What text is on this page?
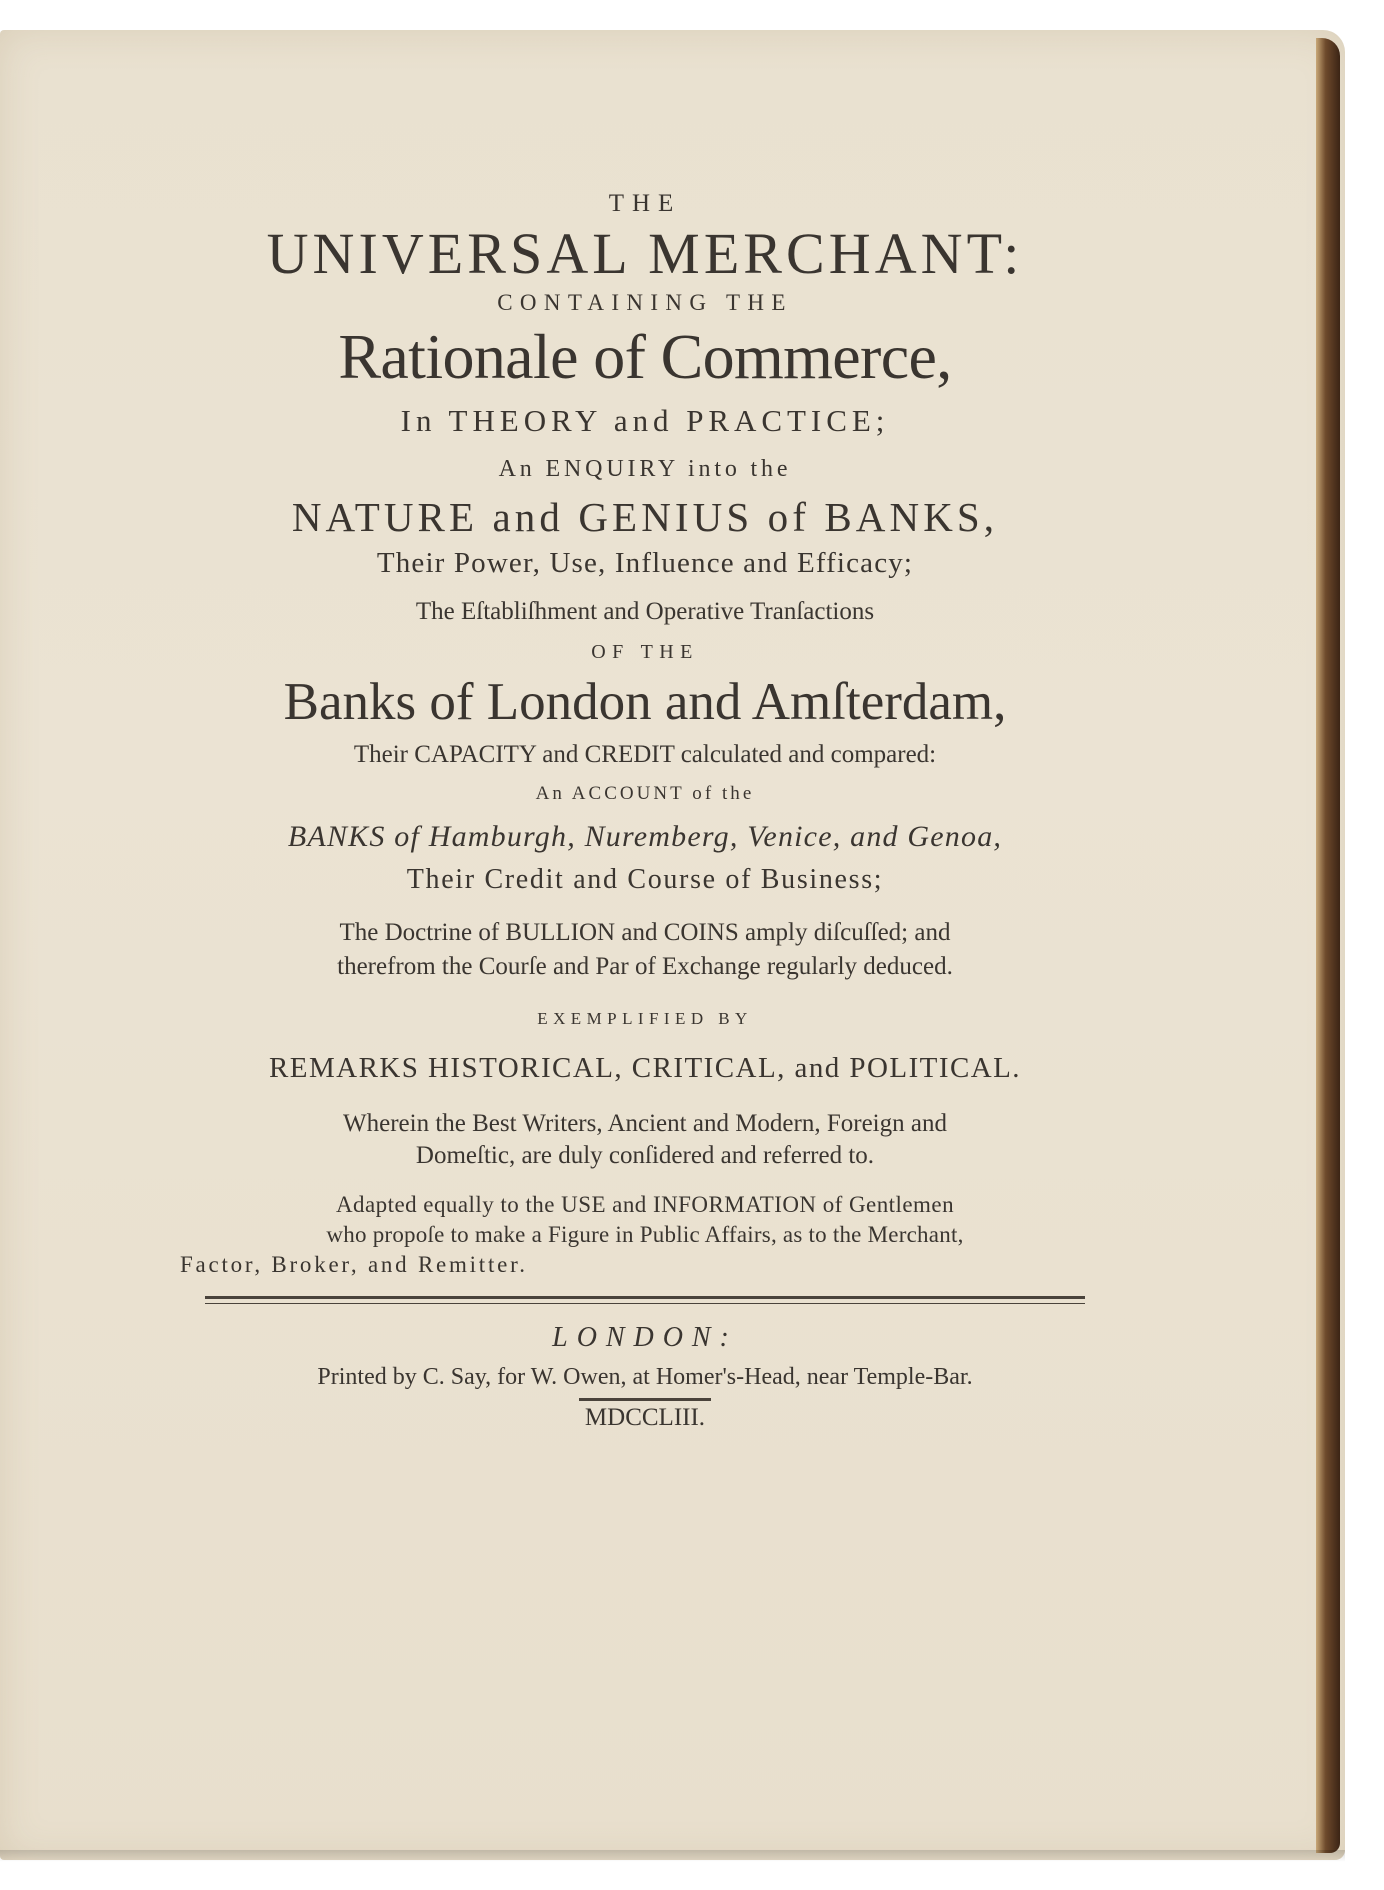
THE
UNIVERSAL MERCHANT:
CONTAINING THE
Rationale of Commerce,
In THEORY and PRACTICE;
An ENQUIRY into the
NATURE and GENIUS of BANKS,
Their Power, Use, Influence and Efficacy;
The Eſtabliſhment and Operative Tranſactions
OF THE
Banks of London and Amſterdam,
Their CAPACITY and CREDIT calculated and compared:
An ACCOUNT of the
BANKS of Hamburgh, Nuremberg, Venice, and Genoa,
Their Credit and Course of Business;
The Doctrine of BULLION and COINS amply diſcuſſed; and
therefrom the Courſe and Par of Exchange regularly deduced.
EXEMPLIFIED BY
REMARKS HISTORICAL, CRITICAL, and POLITICAL.
Wherein the Best Writers, Ancient and Modern, Foreign and
Domeſtic, are duly conſidered and referred to.
Adapted equally to the USE and INFORMATION of Gentlemen
who propoſe to make a Figure in Public Affairs, as to the Merchant,
Factor, Broker, and Remitter.
LONDON:
Printed by C. Say, for W. Owen, at Homer's-Head, near Temple-Bar.
MDCCLIII.
